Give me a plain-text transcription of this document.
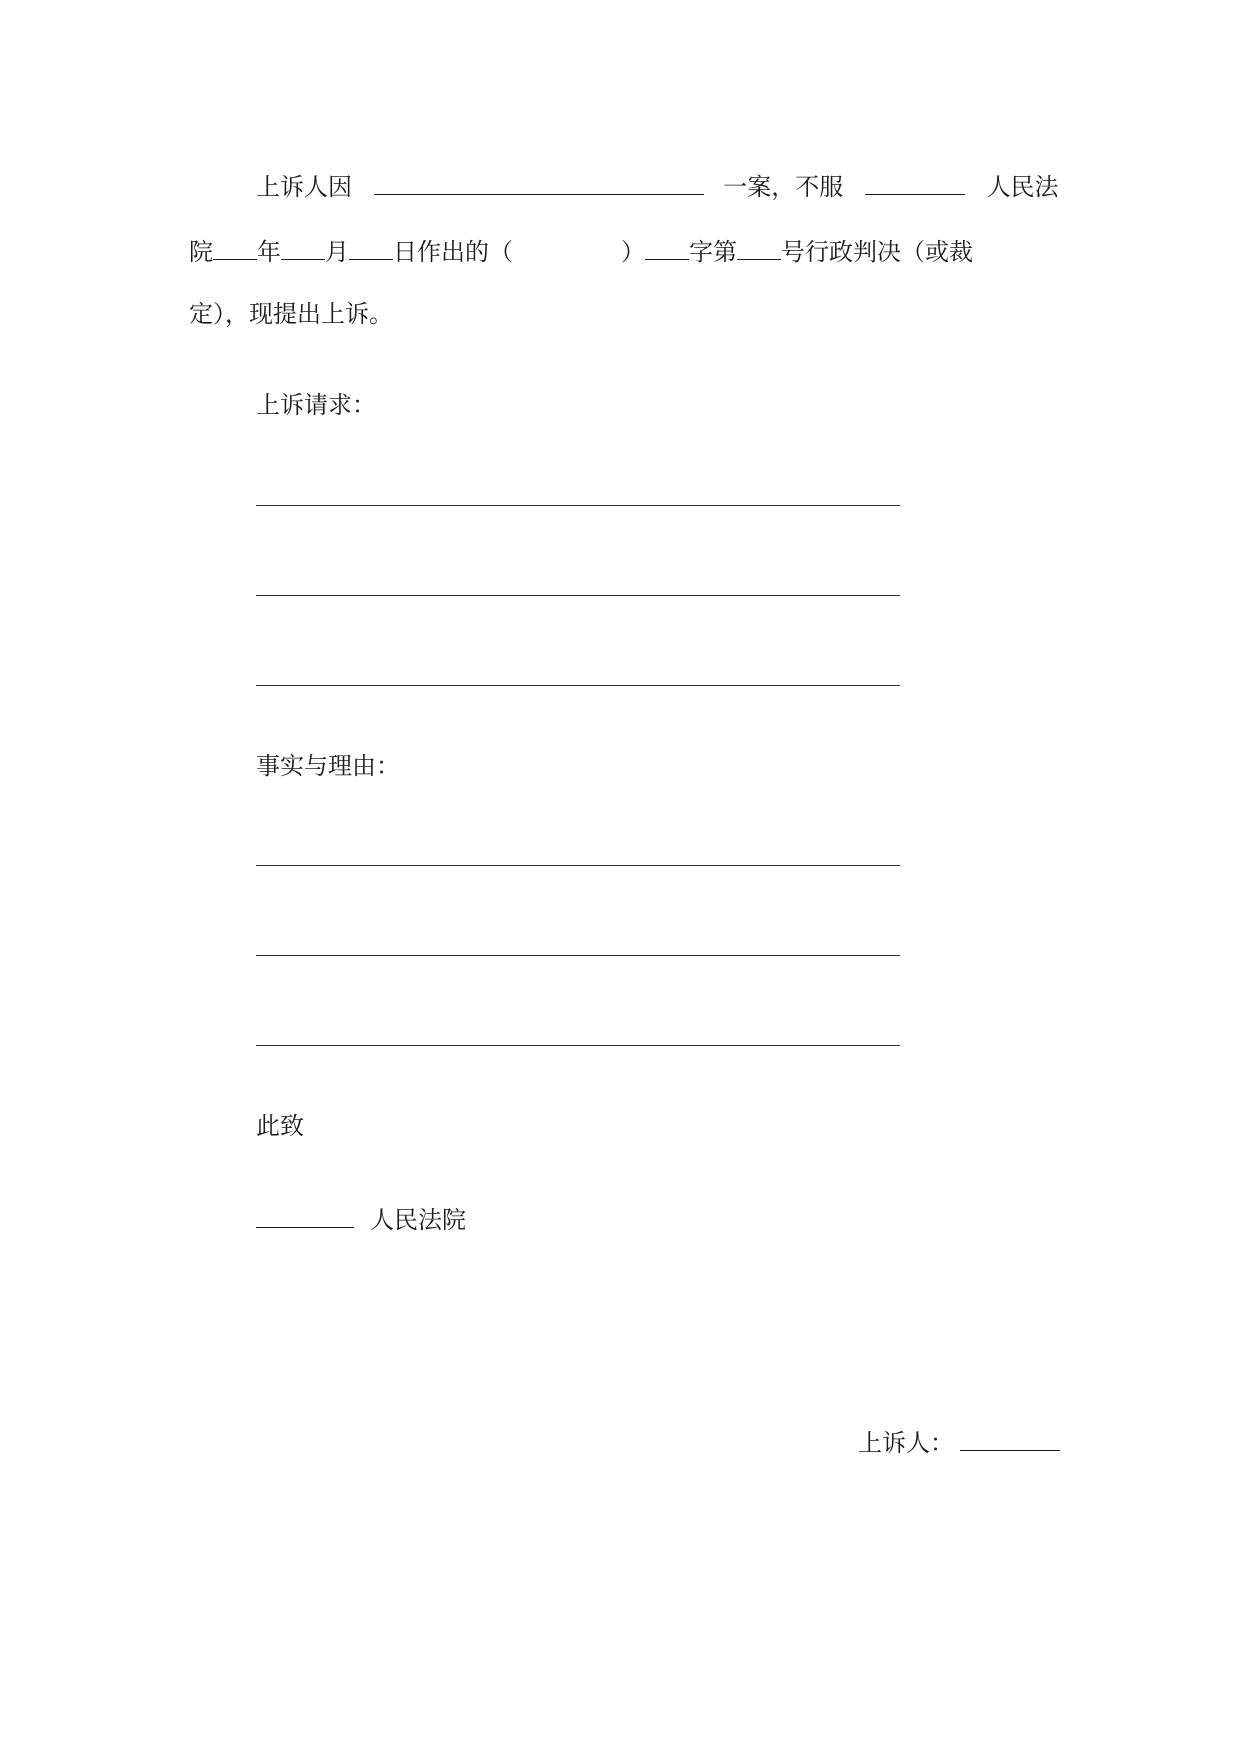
上诉人因	一案，不服	人民法
院 年 月 日作出的（	） 字第 号行政判决（或裁
定），现提出上诉。
上诉请求：
事实与理由：
此致
人民法院
上诉人：
